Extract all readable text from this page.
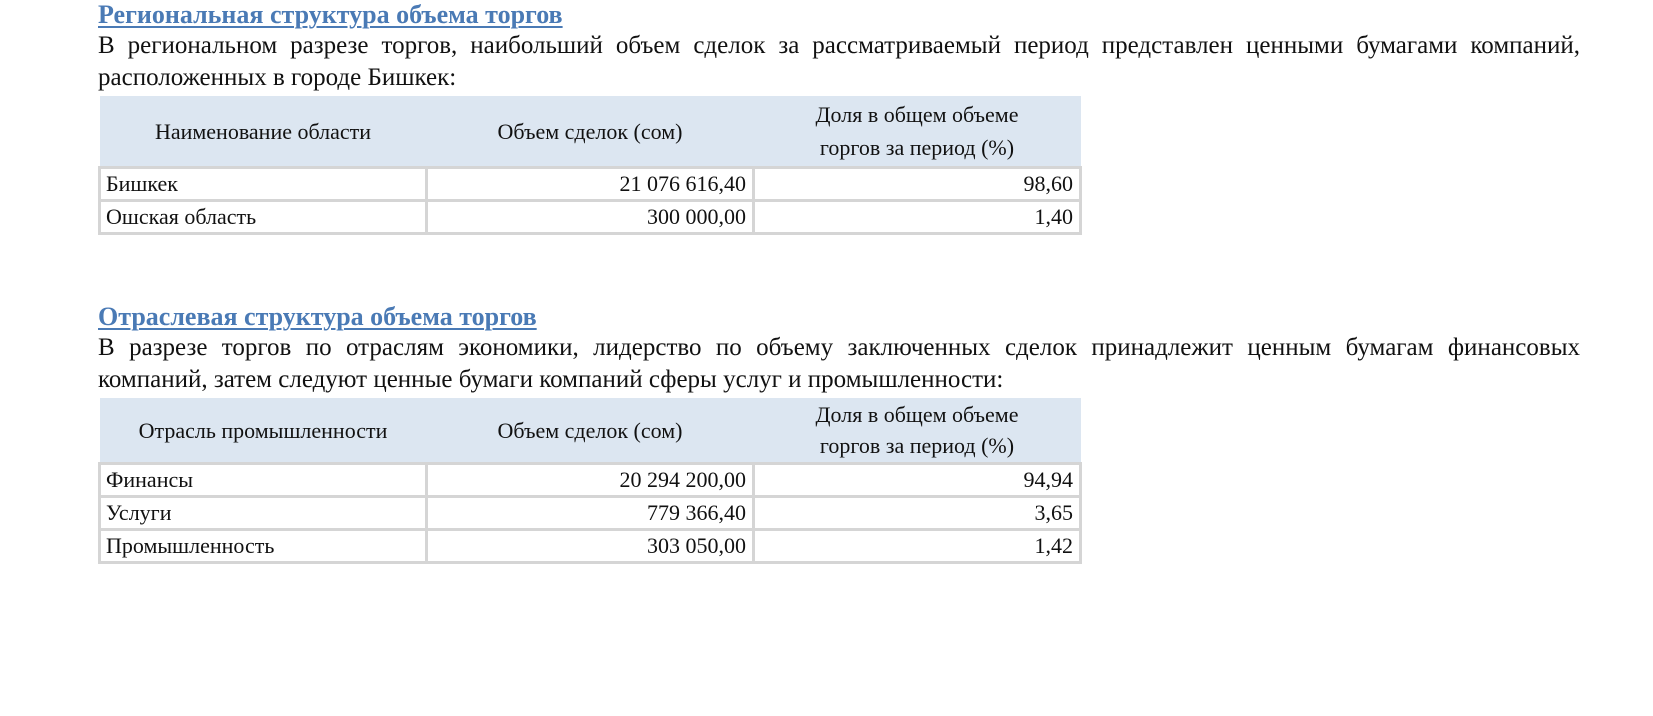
Региональная структура объема торгов

В региональном разрезе торгов, наибольший объем сделок за рассматриваемый период представлен ценными бумагами компаний, расположенных в городе Бишкек:

Наименование области	Объем сделок (сом)	Доля в общем объеме
горгов за период (%)
Бишкек	21 076 616,40	98,60
Ошская область	300 000,00	1,40
Отраслевая структура объема торгов

В разрезе торгов по отраслям экономики, лидерство по объему заключенных сделок принадлежит ценным бумагам финансовых компаний, затем следуют ценные бумаги компаний сферы услуг и промышленности:

Отрасль промышленности	Объем сделок (сом)	Доля в общем объеме
горгов за период (%)
Финансы	20 294 200,00	94,94
Услуги	779 366,40	3,65
Промышленность	303 050,00	1,42
